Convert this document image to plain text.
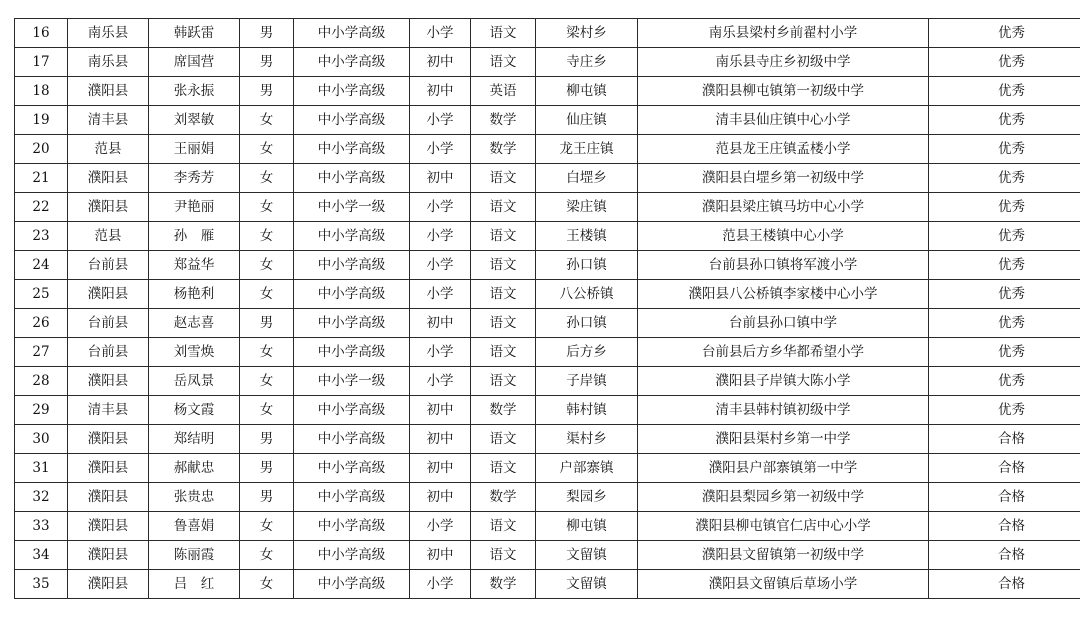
16	南乐县	韩跃雷	男	中小学高级	小学	语文	梁村乡	南乐县梁村乡前翟村小学	优秀
17	南乐县	席国营	男	中小学高级	初中	语文	寺庄乡	南乐县寺庄乡初级中学	优秀
18	濮阳县	张永振	男	中小学高级	初中	英语	柳屯镇	濮阳县柳屯镇第一初级中学	优秀
19	清丰县	刘翠敏	女	中小学高级	小学	数学	仙庄镇	清丰县仙庄镇中心小学	优秀
20	范县	王丽娟	女	中小学高级	小学	数学	龙王庄镇	范县龙王庄镇孟楼小学	优秀
21	濮阳县	李秀芳	女	中小学高级	初中	语文	白堽乡	濮阳县白堽乡第一初级中学	优秀
22	濮阳县	尹艳丽	女	中小学一级	小学	语文	梁庄镇	濮阳县梁庄镇马坊中心小学	优秀
23	范县	孙　雁	女	中小学高级	小学	语文	王楼镇	范县王楼镇中心小学	优秀
24	台前县	郑益华	女	中小学高级	小学	语文	孙口镇	台前县孙口镇将军渡小学	优秀
25	濮阳县	杨艳利	女	中小学高级	小学	语文	八公桥镇	濮阳县八公桥镇李家楼中心小学	优秀
26	台前县	赵志喜	男	中小学高级	初中	语文	孙口镇	台前县孙口镇中学	优秀
27	台前县	刘雪焕	女	中小学高级	小学	语文	后方乡	台前县后方乡华都希望小学	优秀
28	濮阳县	岳凤景	女	中小学一级	小学	语文	子岸镇	濮阳县子岸镇大陈小学	优秀
29	清丰县	杨文霞	女	中小学高级	初中	数学	韩村镇	清丰县韩村镇初级中学	优秀
30	濮阳县	郑结明	男	中小学高级	初中	语文	渠村乡	濮阳县渠村乡第一中学	合格
31	濮阳县	郝献忠	男	中小学高级	初中	语文	户部寨镇	濮阳县户部寨镇第一中学	合格
32	濮阳县	张贵忠	男	中小学高级	初中	数学	梨园乡	濮阳县梨园乡第一初级中学	合格
33	濮阳县	鲁喜娟	女	中小学高级	小学	语文	柳屯镇	濮阳县柳屯镇官仁店中心小学	合格
34	濮阳县	陈丽霞	女	中小学高级	初中	语文	文留镇	濮阳县文留镇第一初级中学	合格
35	濮阳县	吕　红	女	中小学高级	小学	数学	文留镇	濮阳县文留镇后草场小学	合格
